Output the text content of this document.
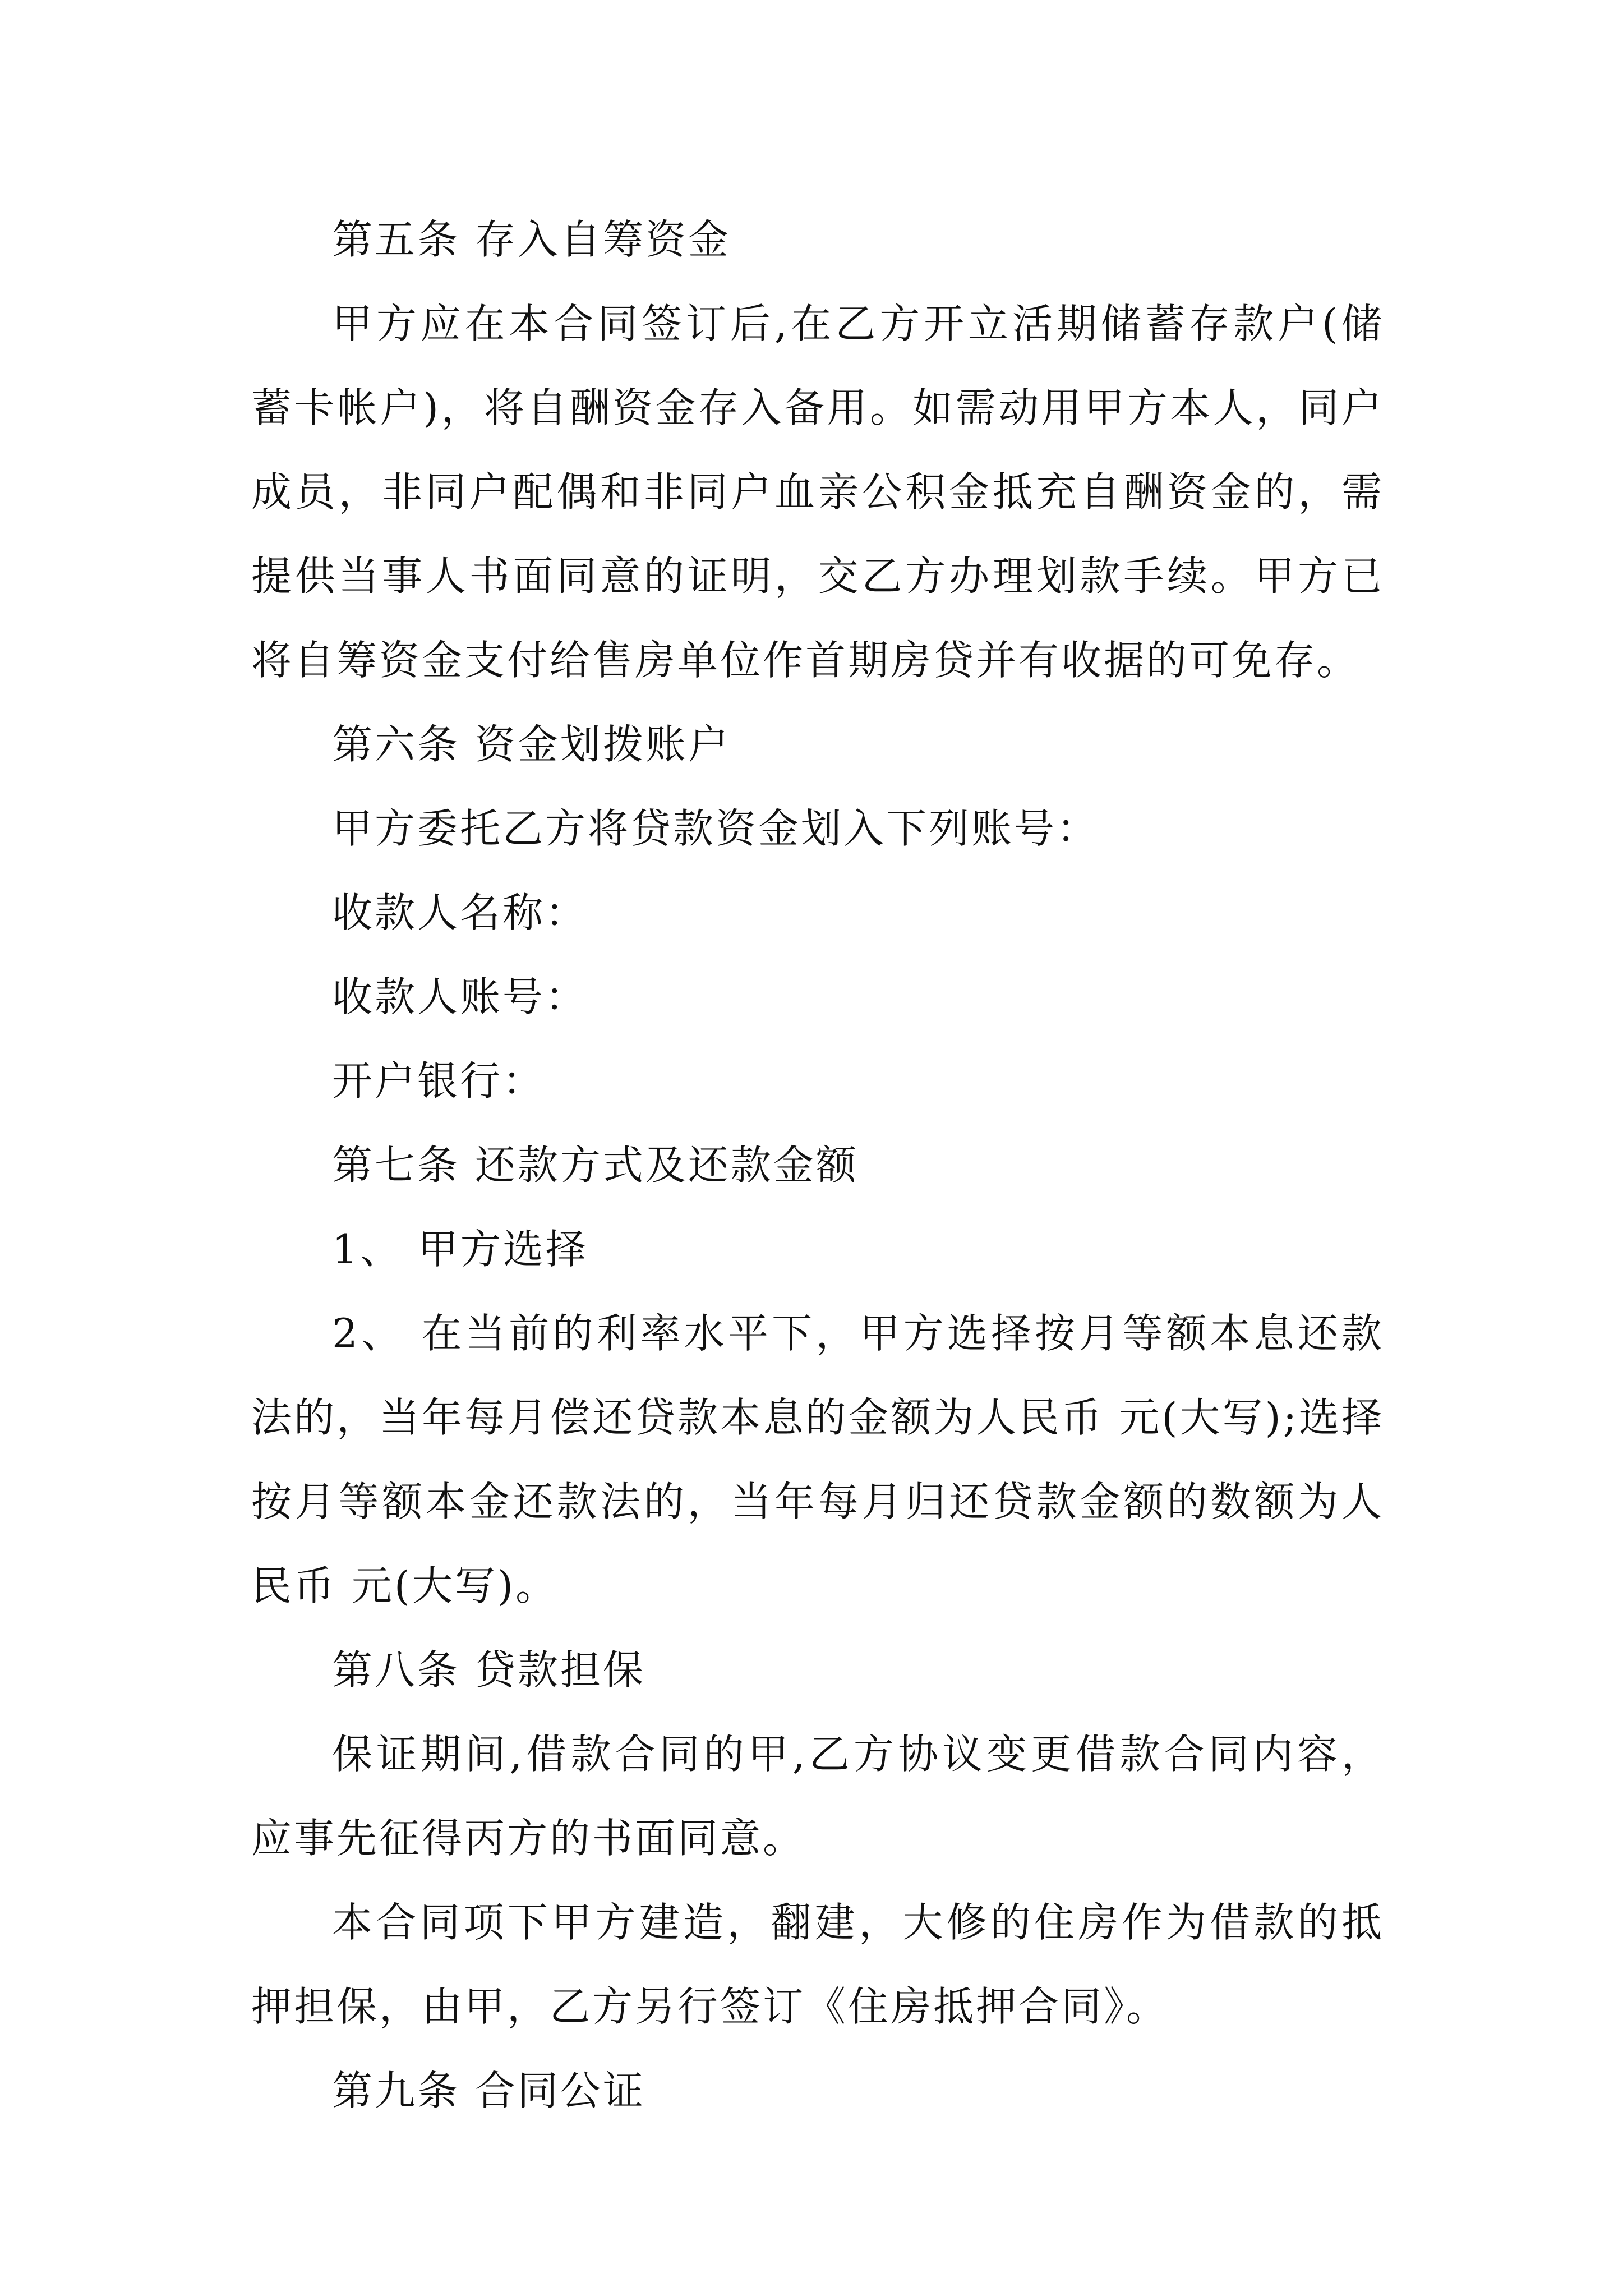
第五条 存入自筹资金

甲方应在本合同签订后,在乙方开立活期储蓄存款户(储蓄卡帐户)，将自酬资金存入备用。如需动用甲方本人，同户成员，非同户配偶和非同户血亲公积金抵充自酬资金的，需提供当事人书面同意的证明，交乙方办理划款手续。甲方已将自筹资金支付给售房单位作首期房贷并有收据的可免存。

第六条 资金划拨账户

甲方委托乙方将贷款资金划入下列账号：

收款人名称：

收款人账号：

开户银行：

第七条 还款方式及还款金额

1、 甲方选择

2、 在当前的利率水平下，甲方选择按月等额本息还款法的，当年每月偿还贷款本息的金额为人民币 元(大写);选择按月等额本金还款法的，当年每月归还贷款金额的数额为人民币 元(大写)。

第八条 贷款担保

保证期间,借款合同的甲,乙方协议变更借款合同内容，应事先征得丙方的书面同意。

本合同项下甲方建造，翻建，大修的住房作为借款的抵押担保，由甲，乙方另行签订《住房抵押合同》。

第九条 合同公证
